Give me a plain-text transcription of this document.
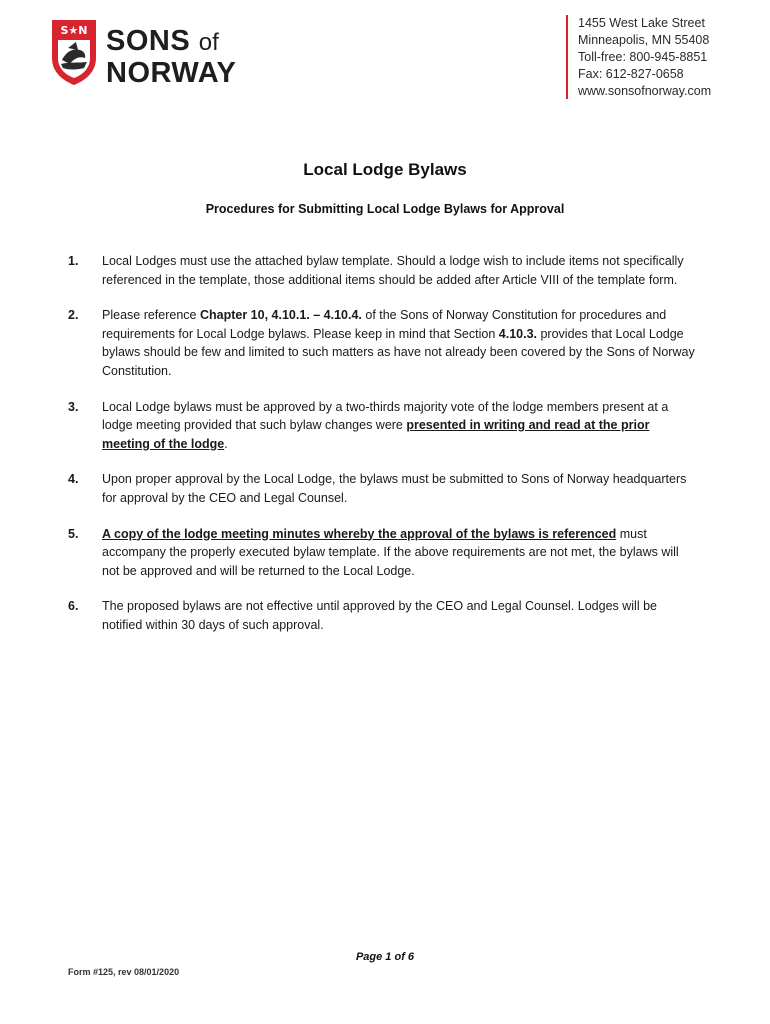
S★N SONS of
NORWAY
1455 West Lake Street
Minneapolis, MN 55408
Toll-free: 800-945-8851
Fax: 612-827-0658
www.sonsofnorway.com
Local Lodge Bylaws
Procedures for Submitting Local Lodge Bylaws for Approval
1. Local Lodges must use the attached bylaw template. Should a lodge wish to include items not specifically referenced in the template, those additional items should be added after Article VIII of the template form.
2. Please reference Chapter 10, 4.10.1. – 4.10.4. of the Sons of Norway Constitution for procedures and requirements for Local Lodge bylaws. Please keep in mind that Section 4.10.3. provides that Local Lodge bylaws should be few and limited to such matters as have not already been covered by the Sons of Norway Constitution.
3. Local Lodge bylaws must be approved by a two-thirds majority vote of the lodge members present at a lodge meeting provided that such bylaw changes were presented in writing and read at the prior meeting of the lodge.
4. Upon proper approval by the Local Lodge, the bylaws must be submitted to Sons of Norway headquarters for approval by the CEO and Legal Counsel.
5. A copy of the lodge meeting minutes whereby the approval of the bylaws is referenced must accompany the properly executed bylaw template. If the above requirements are not met, the bylaws will not be approved and will be returned to the Local Lodge.
6. The proposed bylaws are not effective until approved by the CEO and Legal Counsel. Lodges will be notified within 30 days of such approval.
Page 1 of 6
Form #125, rev 08/01/2020
